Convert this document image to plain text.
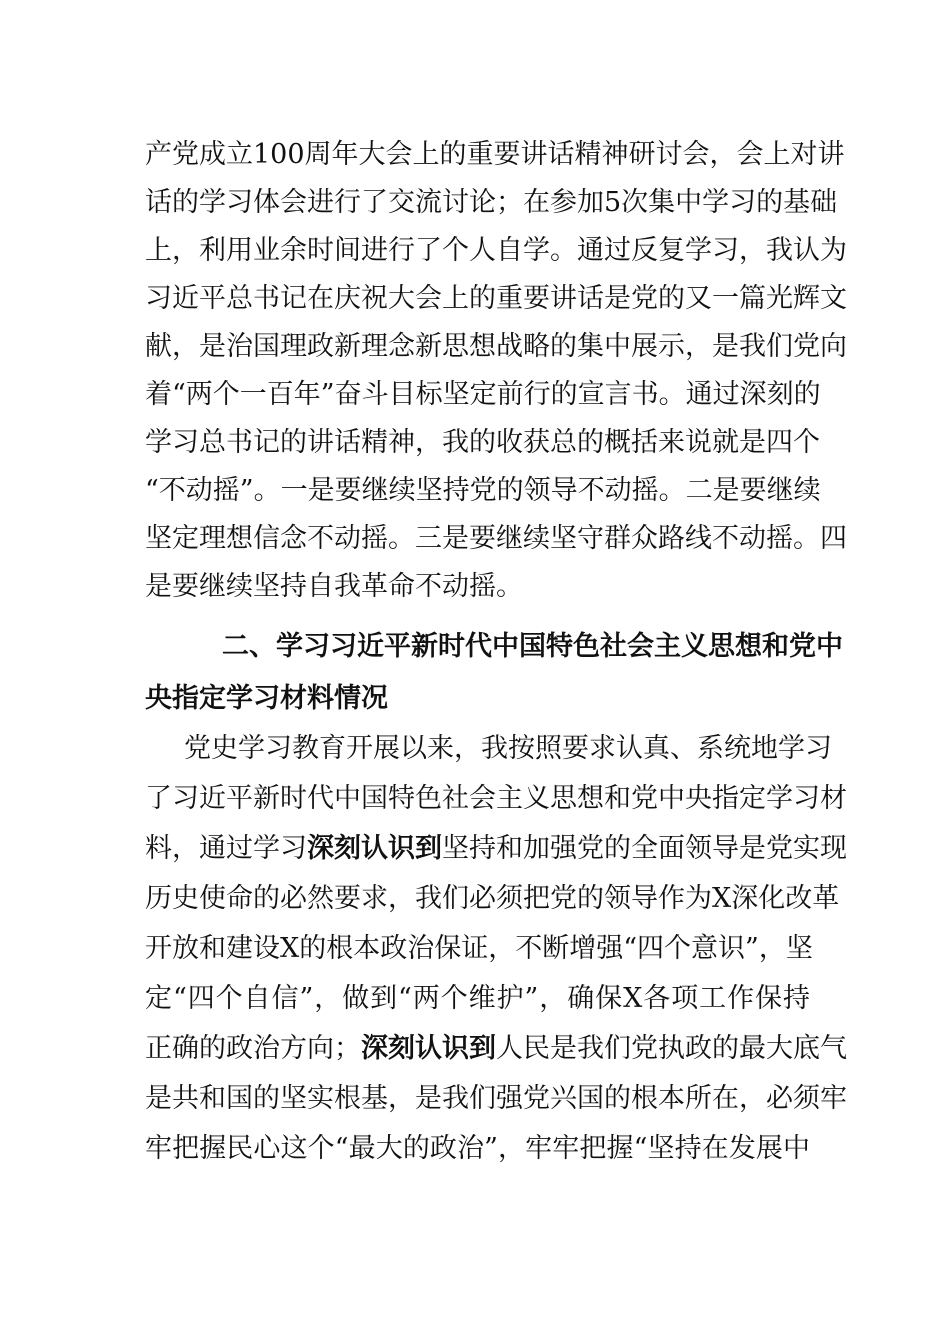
产党成立100周年大会上的重要讲话精神研讨会，会上对讲
话的学习体会进行了交流讨论；在参加5次集中学习的基础
上，利用业余时间进行了个人自学。通过反复学习，我认为
习近平总书记在庆祝大会上的重要讲话是党的又一篇光辉文
献，是治国理政新理念新思想战略的集中展示，是我们党向
着“两个一百年”奋斗目标坚定前行的宣言书。通过深刻的
学习总书记的讲话精神，我的收获总的概括来说就是四个
“不动摇”。一是要继续坚持党的领导不动摇。二是要继续
坚定理想信念不动摇。三是要继续坚守群众路线不动摇。四
是要继续坚持自我革命不动摇。
二、学习习近平新时代中国特色社会主义思想和党中
央指定学习材料情况
党史学习教育开展以来，我按照要求认真、系统地学习
了习近平新时代中国特色社会主义思想和党中央指定学习材
料，通过学习深刻认识到坚持和加强党的全面领导是党实现
历史使命的必然要求，我们必须把党的领导作为X深化改革
开放和建设X的根本政治保证，不断增强“四个意识”，坚
定“四个自信”，做到“两个维护”，确保X各项工作保持
正确的政治方向；深刻认识到人民是我们党执政的最大底气
是共和国的坚实根基，是我们强党兴国的根本所在，必须牢
牢把握民心这个“最大的政治”，牢牢把握“坚持在发展中
